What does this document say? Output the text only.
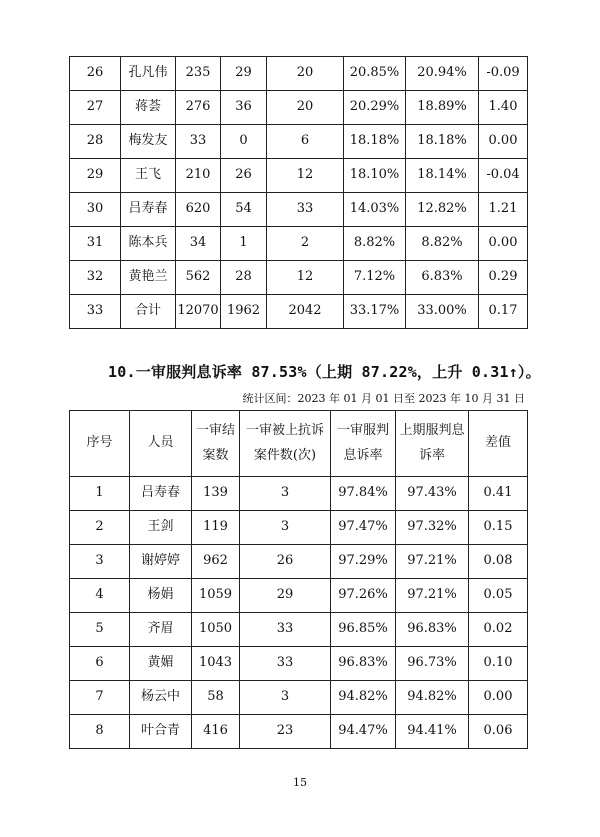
26	孔凡伟	235	29	20	20.85%	20.94%	-0.09
27	蒋荟	276	36	20	20.29%	18.89%	1.40
28	梅发友	33	0	6	18.18%	18.18%	0.00
29	王飞	210	26	12	18.10%	18.14%	-0.04
30	吕寿春	620	54	33	14.03%	12.82%	1.21
31	陈本兵	34	1	2	8.82%	8.82%	0.00
32	黄艳兰	562	28	12	7.12%	6.83%	0.29
33	合计	12070	1962	2042	33.17%	33.00%	0.17
10.一审服判息诉率 87.53%（上期 87.22%，上升 0.31↑）。
统计区间：2023 年 01 月 01 日至 2023 年 10 月 31 日
序号	人员	一审结案数	一审被上抗诉案件数(次)	一审服判息诉率	上期服判息诉率	差值
1	吕寿春	139	3	97.84%	97.43%	0.41
2	王剑	119	3	97.47%	97.32%	0.15
3	谢婷婷	962	26	97.29%	97.21%	0.08
4	杨娟	1059	29	97.26%	97.21%	0.05
5	齐眉	1050	33	96.85%	96.83%	0.02
6	黄媚	1043	33	96.83%	96.73%	0.10
7	杨云中	58	3	94.82%	94.82%	0.00
8	叶合青	416	23	94.47%	94.41%	0.06
15
